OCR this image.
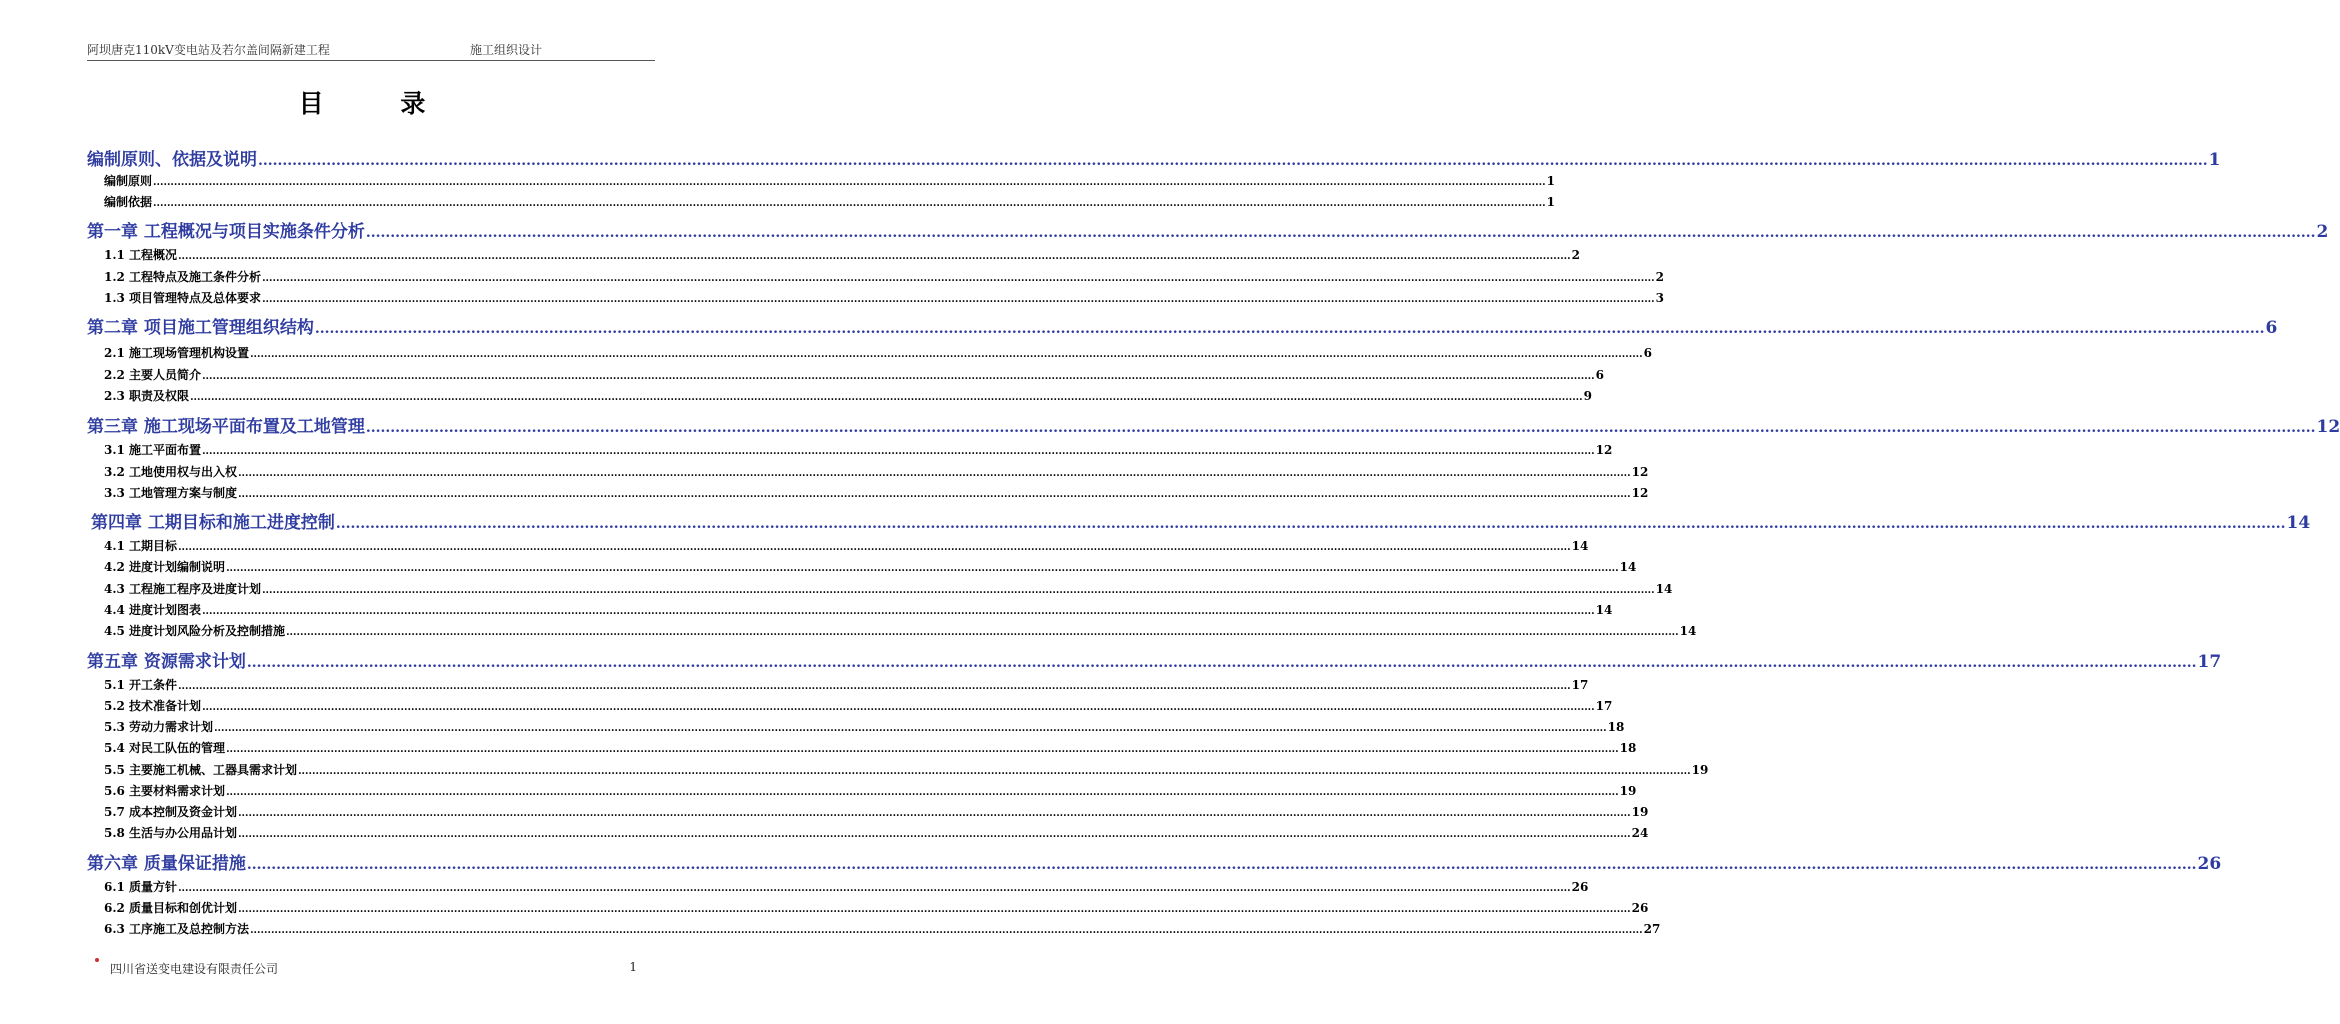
阿坝唐克110kV变电站及若尔盖间隔新建工程	施工组织设计
目 录
编制原则、依据及说明 ................................................................................................................................................................................................................................................................................................................................................................................................................ 1
编制原则 ................................................................................................................................................................................................................................................................................................................................................................................................................ 1
编制依据 ................................................................................................................................................................................................................................................................................................................................................................................................................ 1
第一章 工程概况与项目实施条件分析 ................................................................................................................................................................................................................................................................................................................................................................................................................ 2
1.1 工程概况 ................................................................................................................................................................................................................................................................................................................................................................................................................ 2
1.2 工程特点及施工条件分析 ................................................................................................................................................................................................................................................................................................................................................................................................................ 2
1.3 项目管理特点及总体要求 ................................................................................................................................................................................................................................................................................................................................................................................................................ 3
第二章 项目施工管理组织结构 ................................................................................................................................................................................................................................................................................................................................................................................................................ 6
2.1 施工现场管理机构设置 ................................................................................................................................................................................................................................................................................................................................................................................................................ 6
2.2 主要人员简介 ................................................................................................................................................................................................................................................................................................................................................................................................................ 6
2.3 职责及权限 ................................................................................................................................................................................................................................................................................................................................................................................................................ 9
第三章 施工现场平面布置及工地管理 ................................................................................................................................................................................................................................................................................................................................................................................................................ 12
3.1 施工平面布置 ................................................................................................................................................................................................................................................................................................................................................................................................................ 12
3.2 工地使用权与出入权 ................................................................................................................................................................................................................................................................................................................................................................................................................ 12
3.3 工地管理方案与制度 ................................................................................................................................................................................................................................................................................................................................................................................................................ 12
第四章 工期目标和施工进度控制 ................................................................................................................................................................................................................................................................................................................................................................................................................ 14
4.1 工期目标 ................................................................................................................................................................................................................................................................................................................................................................................................................ 14
4.2 进度计划编制说明 ................................................................................................................................................................................................................................................................................................................................................................................................................ 14
4.3 工程施工程序及进度计划 ................................................................................................................................................................................................................................................................................................................................................................................................................ 14
4.4 进度计划图表 ................................................................................................................................................................................................................................................................................................................................................................................................................ 14
4.5 进度计划风险分析及控制措施 ................................................................................................................................................................................................................................................................................................................................................................................................................ 14
第五章 资源需求计划 ................................................................................................................................................................................................................................................................................................................................................................................................................ 17
5.1 开工条件 ................................................................................................................................................................................................................................................................................................................................................................................................................ 17
5.2 技术准备计划 ................................................................................................................................................................................................................................................................................................................................................................................................................ 17
5.3 劳动力需求计划 ................................................................................................................................................................................................................................................................................................................................................................................................................ 18
5.4 对民工队伍的管理 ................................................................................................................................................................................................................................................................................................................................................................................................................ 18
5.5 主要施工机械、工器具需求计划 ................................................................................................................................................................................................................................................................................................................................................................................................................ 19
5.6 主要材料需求计划 ................................................................................................................................................................................................................................................................................................................................................................................................................ 19
5.7 成本控制及资金计划 ................................................................................................................................................................................................................................................................................................................................................................................................................ 19
5.8 生活与办公用品计划 ................................................................................................................................................................................................................................................................................................................................................................................................................ 24
第六章 质量保证措施 ................................................................................................................................................................................................................................................................................................................................................................................................................ 26
6.1 质量方针 ................................................................................................................................................................................................................................................................................................................................................................................................................ 26
6.2 质量目标和创优计划 ................................................................................................................................................................................................................................................................................................................................................................................................................ 26
6.3 工序施工及总控制方法 ................................................................................................................................................................................................................................................................................................................................................................................................................ 27
四川省送变电建设有限责任公司	1
